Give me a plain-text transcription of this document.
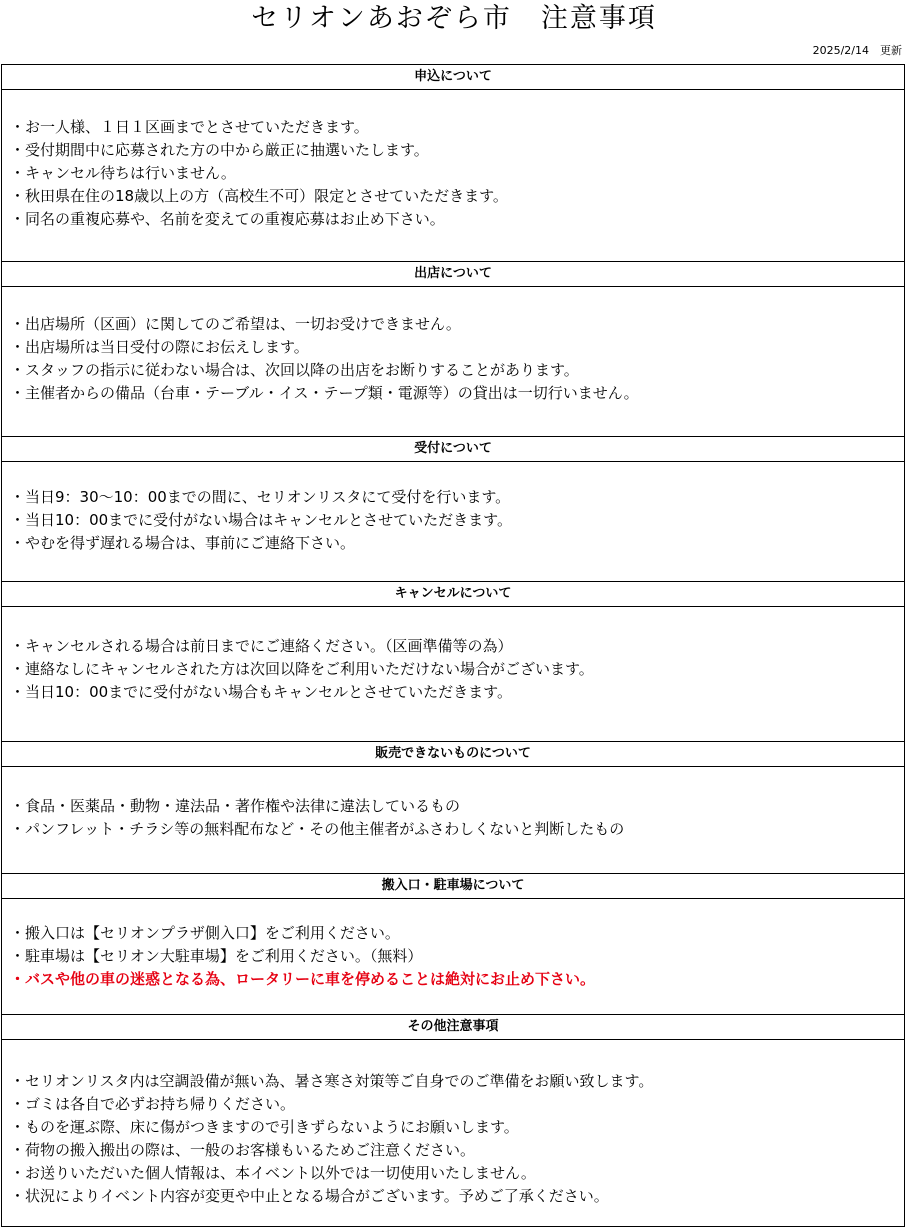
セリオンあおぞら市　注意事項
2025/2/14　更新
申込について
・お一人様、１日１区画までとさせていただきます。
・受付期間中に応募された方の中から厳正に抽選いたします。
・キャンセル待ちは行いません。
・秋田県在住の18歳以上の方（高校生不可）限定とさせていただきます。
・同名の重複応募や、名前を変えての重複応募はお止め下さい。
出店について
・出店場所（区画）に関してのご希望は、一切お受けできません。
・出店場所は当日受付の際にお伝えします。
・スタッフの指示に従わない場合は、次回以降の出店をお断りすることがあります。
・主催者からの備品（台車・テーブル・イス・テープ類・電源等）の貸出は一切行いません。
受付について
・当日9：30～10：00までの間に、セリオンリスタにて受付を行います。
・当日10：00までに受付がない場合はキャンセルとさせていただきます。
・やむを得ず遅れる場合は、事前にご連絡下さい。
キャンセルについて
・キャンセルされる場合は前日までにご連絡ください。（区画準備等の為）
・連絡なしにキャンセルされた方は次回以降をご利用いただけない場合がございます。
・当日10：00までに受付がない場合もキャンセルとさせていただきます。
販売できないものについて
・食品・医薬品・動物・違法品・著作権や法律に違法しているもの
・パンフレット・チラシ等の無料配布など・その他主催者がふさわしくないと判断したもの
搬入口・駐車場について
・搬入口は【セリオンプラザ側入口】をご利用ください。
・駐車場は【セリオン大駐車場】をご利用ください。（無料）
・バスや他の車の迷惑となる為、ロータリーに車を停めることは絶対にお止め下さい。
その他注意事項
・セリオンリスタ内は空調設備が無い為、暑さ寒さ対策等ご自身でのご準備をお願い致します。
・ゴミは各自で必ずお持ち帰りください。
・ものを運ぶ際、床に傷がつきますので引きずらないようにお願いします。
・荷物の搬入搬出の際は、一般のお客様もいるためご注意ください。
・お送りいただいた個人情報は、本イベント以外では一切使用いたしません。
・状況によりイベント内容が変更や中止となる場合がございます。予めご了承ください。
